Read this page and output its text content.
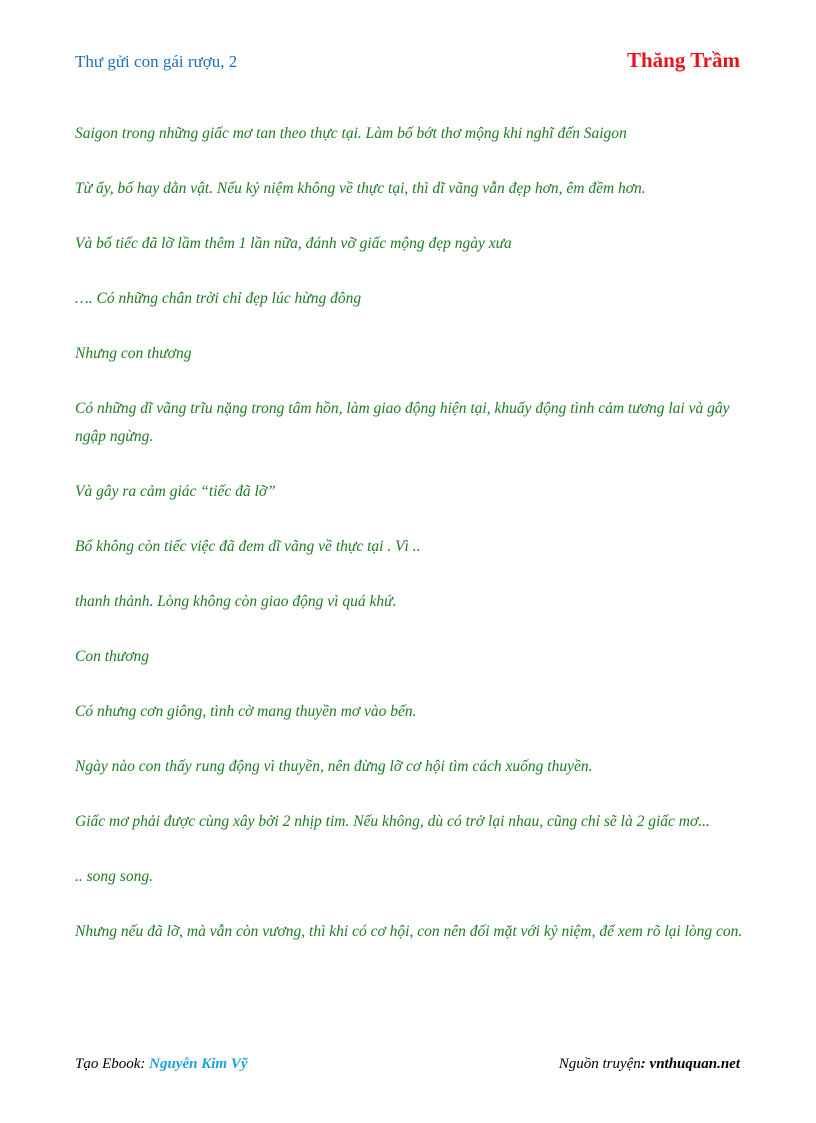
Thư gửi con gái rượu, 2	Thăng Trầm

Saigon trong những giấc mơ tan theo thực tại. Làm bố bớt thơ mộng khi nghĩ đến Saigon

Từ ấy, bố hay dằn vật. Nếu kỷ niệm không về thực tại, thì dĩ vãng vẫn đẹp hơn, êm đềm hơn.

Và bố tiếc đã lỡ lầm thêm 1 lần nữa, đánh vỡ giấc mộng đẹp ngày xưa

…. Có những chân trời chỉ đẹp lúc hừng đông

Nhưng con thương

Có những dĩ vãng trĩu nặng trong tâm hồn, làm giao động hiện tại, khuấy động tình cảm tương lai và gây ngập ngừng.

Và gây ra cảm giác “tiếc đã lỡ”

Bố không còn tiếc việc đã đem dĩ vãng về thực tại . Vì ..

thanh thảnh. Lòng không còn giao động vì quá khứ.

Con thương

Có nhưng cơn giông, tình cờ mang thuyền mơ vào bến.

Ngày nào con thấy rung động vì thuyền, nên đừng lỡ cơ hội tìm cách xuống thuyền.

Giấc mơ phải được cùng xây bởi 2 nhịp tim. Nếu không, dù có trở lại nhau, cũng chỉ sẽ là 2 giấc mơ...

.. song song.

Nhưng nếu đã lỡ, mà vẫn còn vương, thì khi có cơ hội, con nên đối mặt với kỷ niệm, để xem rõ lại lòng con.

Tạo Ebook: Nguyễn Kim Vỹ	Nguồn truyện: vnthuquan.net
